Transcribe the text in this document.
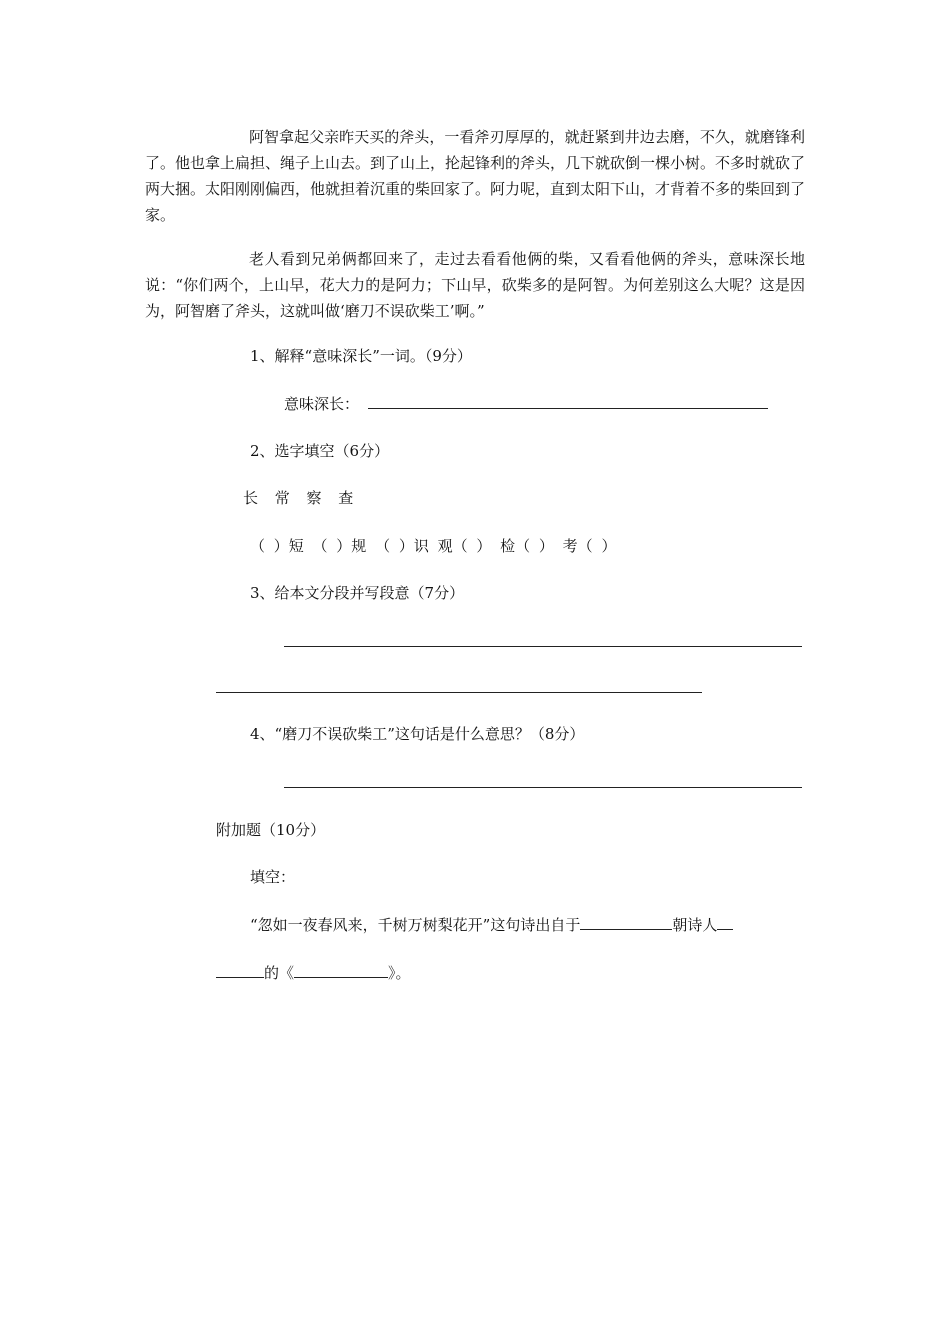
阿智拿起父亲昨天买的斧头，一看斧刃厚厚的，就赶紧到井边去磨，不久，就磨锋利了。他也拿上扁担、绳子上山去。到了山上，抡起锋利的斧头，几下就砍倒一棵小树。不多时就砍了两大捆。太阳刚刚偏西，他就担着沉重的柴回家了。阿力呢，直到太阳下山，才背着不多的柴回到了家。

老人看到兄弟俩都回来了，走过去看看他俩的柴，又看看他俩的斧头，意味深长地说：“你们两个，上山早，花大力的是阿力；下山早，砍柴多的是阿智。为何差别这么大呢？这是因为，阿智磨了斧头，这就叫做‘磨刀不误砍柴工’啊。”

1、解释“意味深长”一词。（9分）

意味深长：

2、选字填空（6分）

长 常 察 查

（ ）短 （ ）规 （ ）识 观（ ） 检（ ） 考（ ）

3、给本文分段并写段意（7分）

4、“磨刀不误砍柴工”这句话是什么意思？（8分）

附加题（10分）

填空：

“忽如一夜春风来，千树万树梨花开”这句诗出自于	朝诗人

的《	》。
